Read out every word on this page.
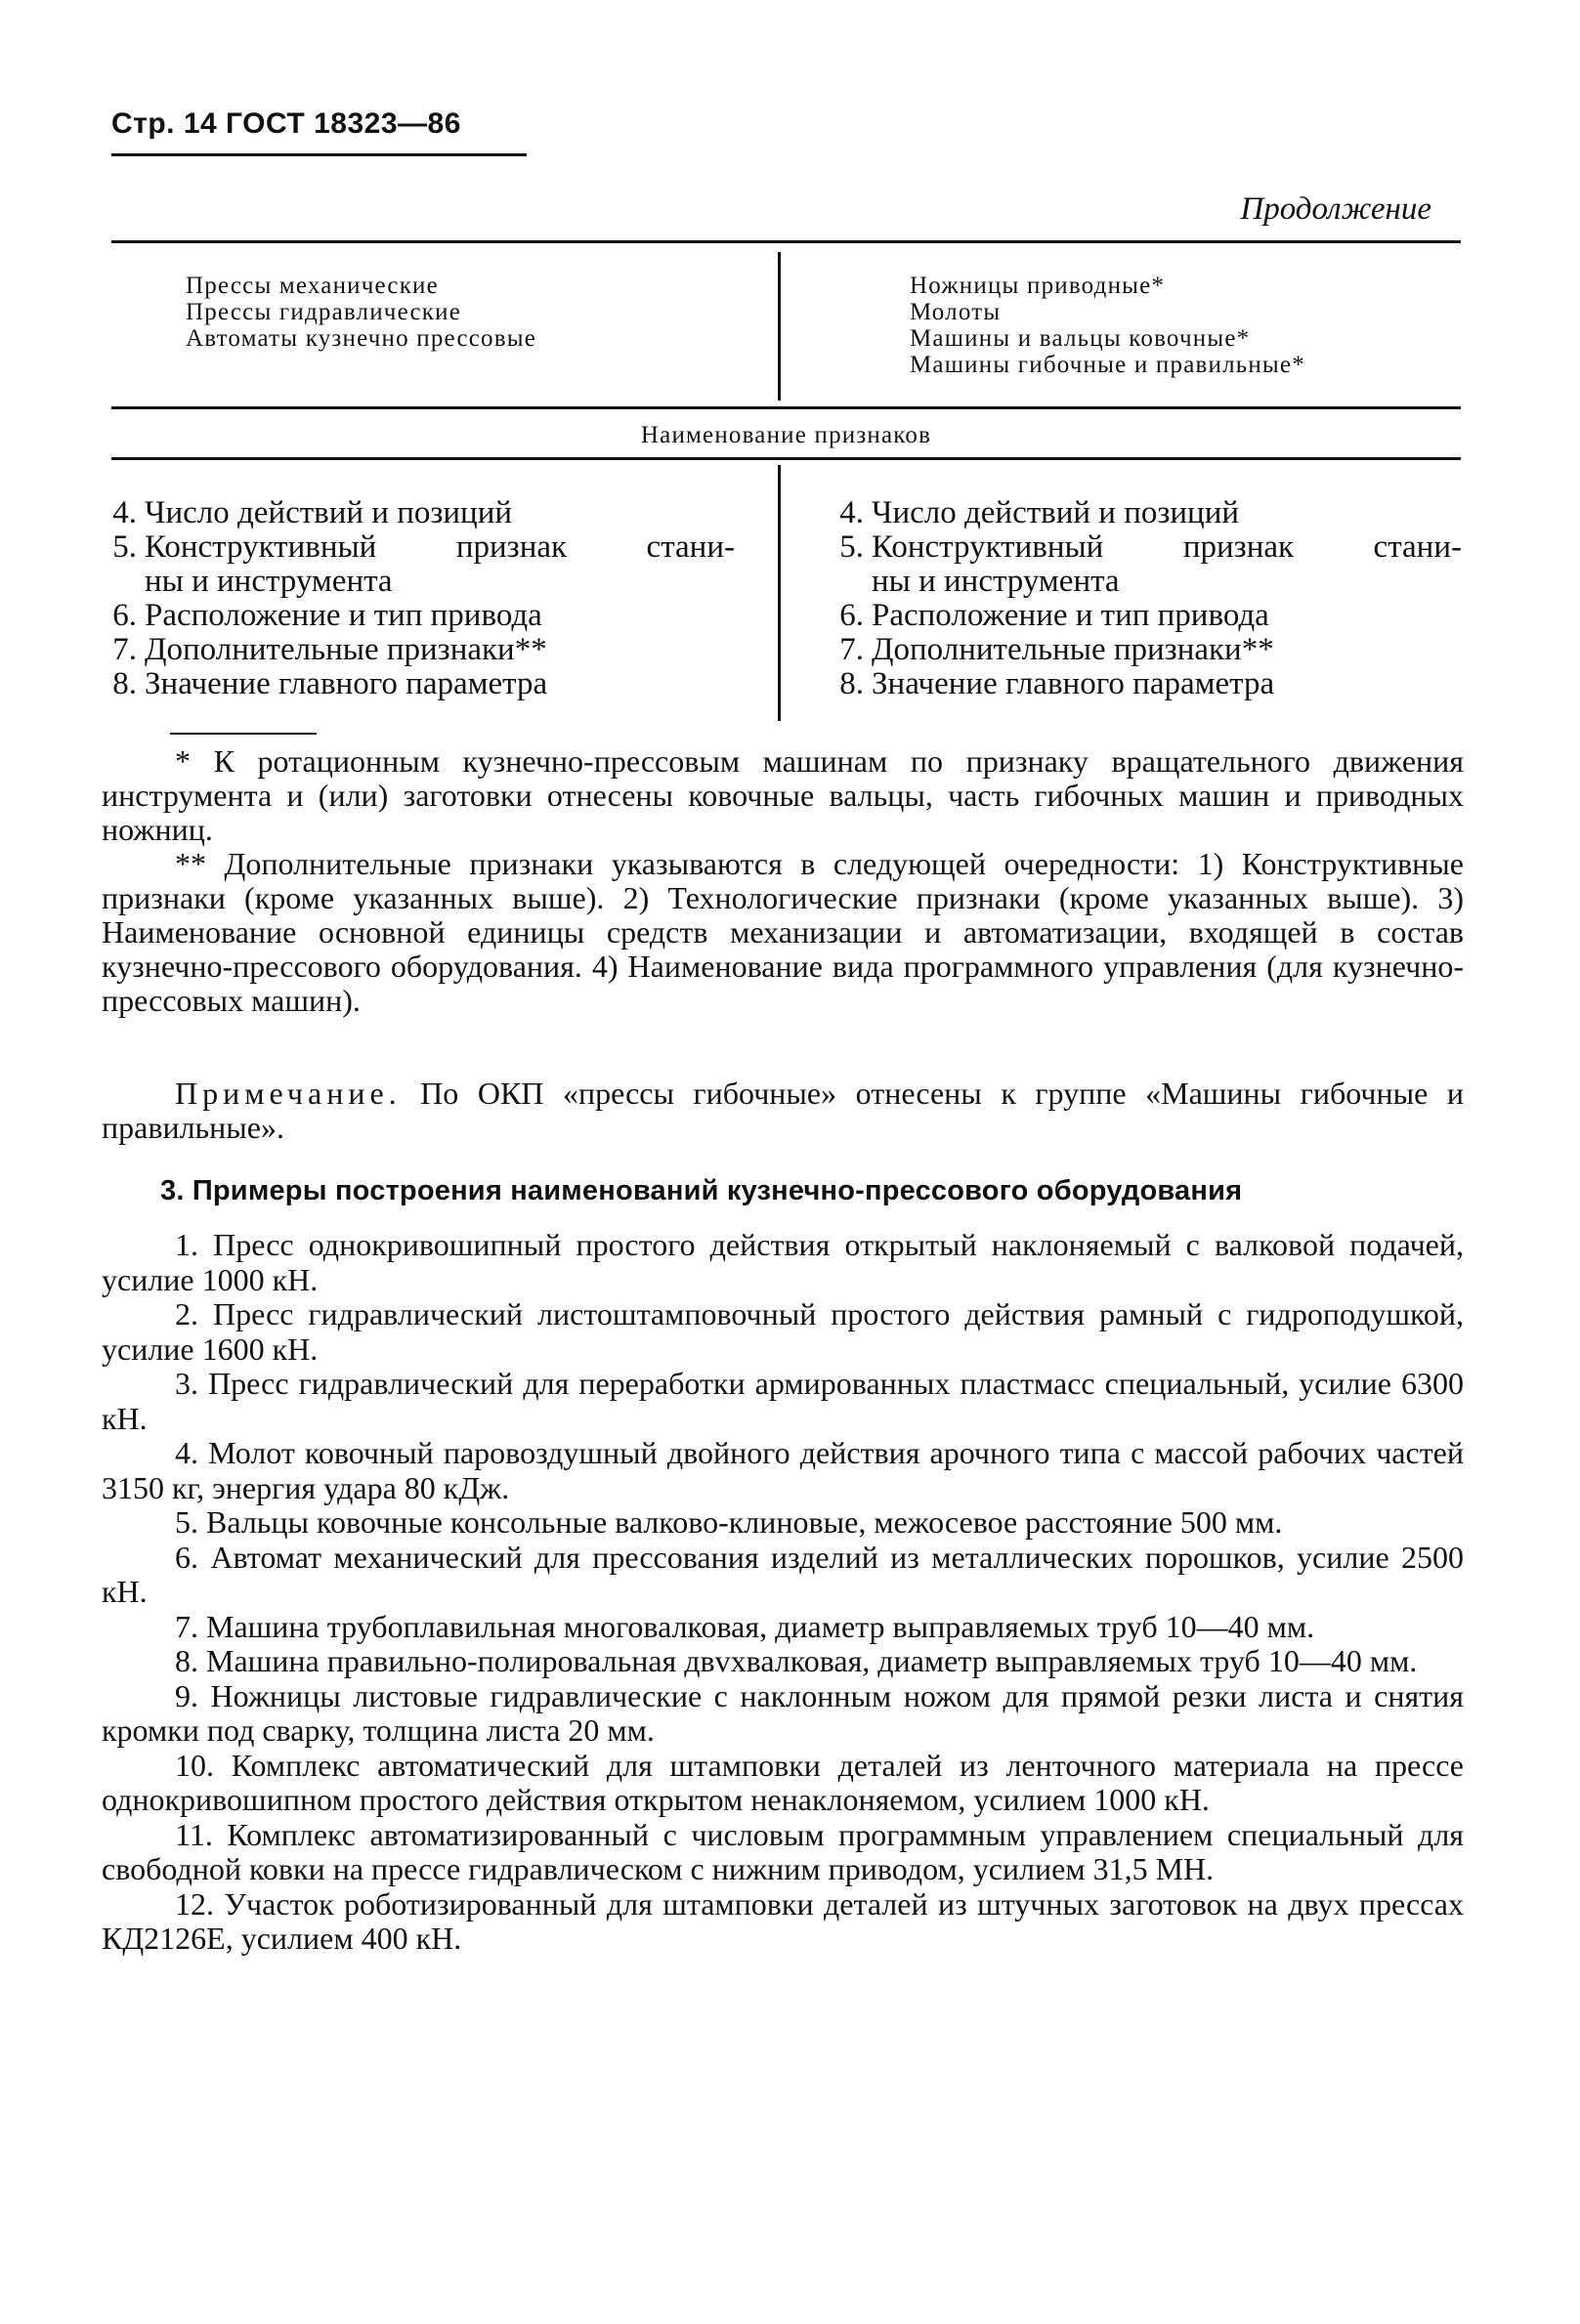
Стр. 14 ГОСТ 18323—86
Продолжение
Прессы механические
Прессы гидравлические
Автоматы кузнечно прессовые
Ножницы приводные*
Молоты
Машины и вальцы ковочные*
Машины гибочные и правильные*
Наименование признаков
4. Число действий и позиций
5. Конструктивный признак стани-
ны и инструмента
6. Расположение и тип привода
7. Дополнительные признаки**
8. Значение главного параметра
4. Число действий и позиций
5. Конструктивный признак стани-
ны и инструмента
6. Расположение и тип привода
7. Дополнительные признаки**
8. Значение главного параметра

* К ротационным кузнечно-прессовым машинам по признаку вращательного движения инструмента и (или) заготовки отнесены ковочные вальцы, часть гибочных машин и приводных ножниц.

** Дополнительные признаки указываются в следующей очередности: 1) Конструктивные признаки (кроме указанных выше). 2) Технологические признаки (кроме указанных выше). 3) Наименование основной единицы средств механизации и автоматизации, входящей в состав кузнечно-прессового оборудования. 4) Наименование вида программного управления (для кузнечно-прессовых машин).

Примечание. По ОКП «прессы гибочные» отнесены к группе «Машины гибочные и правильные».

3. Примеры построения наименований кузнечно-прессового оборудования

1. Пресс однокривошипный простого действия открытый наклоняемый с валковой подачей, усилие 1000 кН.

2. Пресс гидравлический листоштамповочный простого действия рамный с гидроподушкой, усилие 1600 кН.

3. Пресс гидравлический для переработки армированных пластмасс специальный, усилие 6300 кН.

4. Молот ковочный паровоздушный двойного действия арочного типа с массой рабочих частей 3150 кг, энергия удара 80 кДж.

5. Вальцы ковочные консольные валково-клиновые, межосевое расстояние 500 мм.

6. Автомат механический для прессования изделий из металлических порошков, усилие 2500 кН.

7. Машина трубоплавильная многовалковая, диаметр выправляемых труб 10—40 мм.

8. Машина правильно-полировальная двvхвалковая, диаметр выправляемых труб 10—40 мм.

9. Ножницы листовые гидравлические с наклонным ножом для прямой резки листа и снятия кромки под сварку, толщина листа 20 мм.

10. Комплекс автоматический для штамповки деталей из ленточного материала на прессе однокривошипном простого действия открытом ненаклоняемом, усилием 1000 кН.

11. Комплекс автоматизированный с числовым программным управлением специальный для свободной ковки на прессе гидравлическом с нижним приводом, усилием 31,5 МН.

12. Участок роботизированный для штамповки деталей из штучных заготовок на двух прессах КД2126Е, усилием 400 кН.
